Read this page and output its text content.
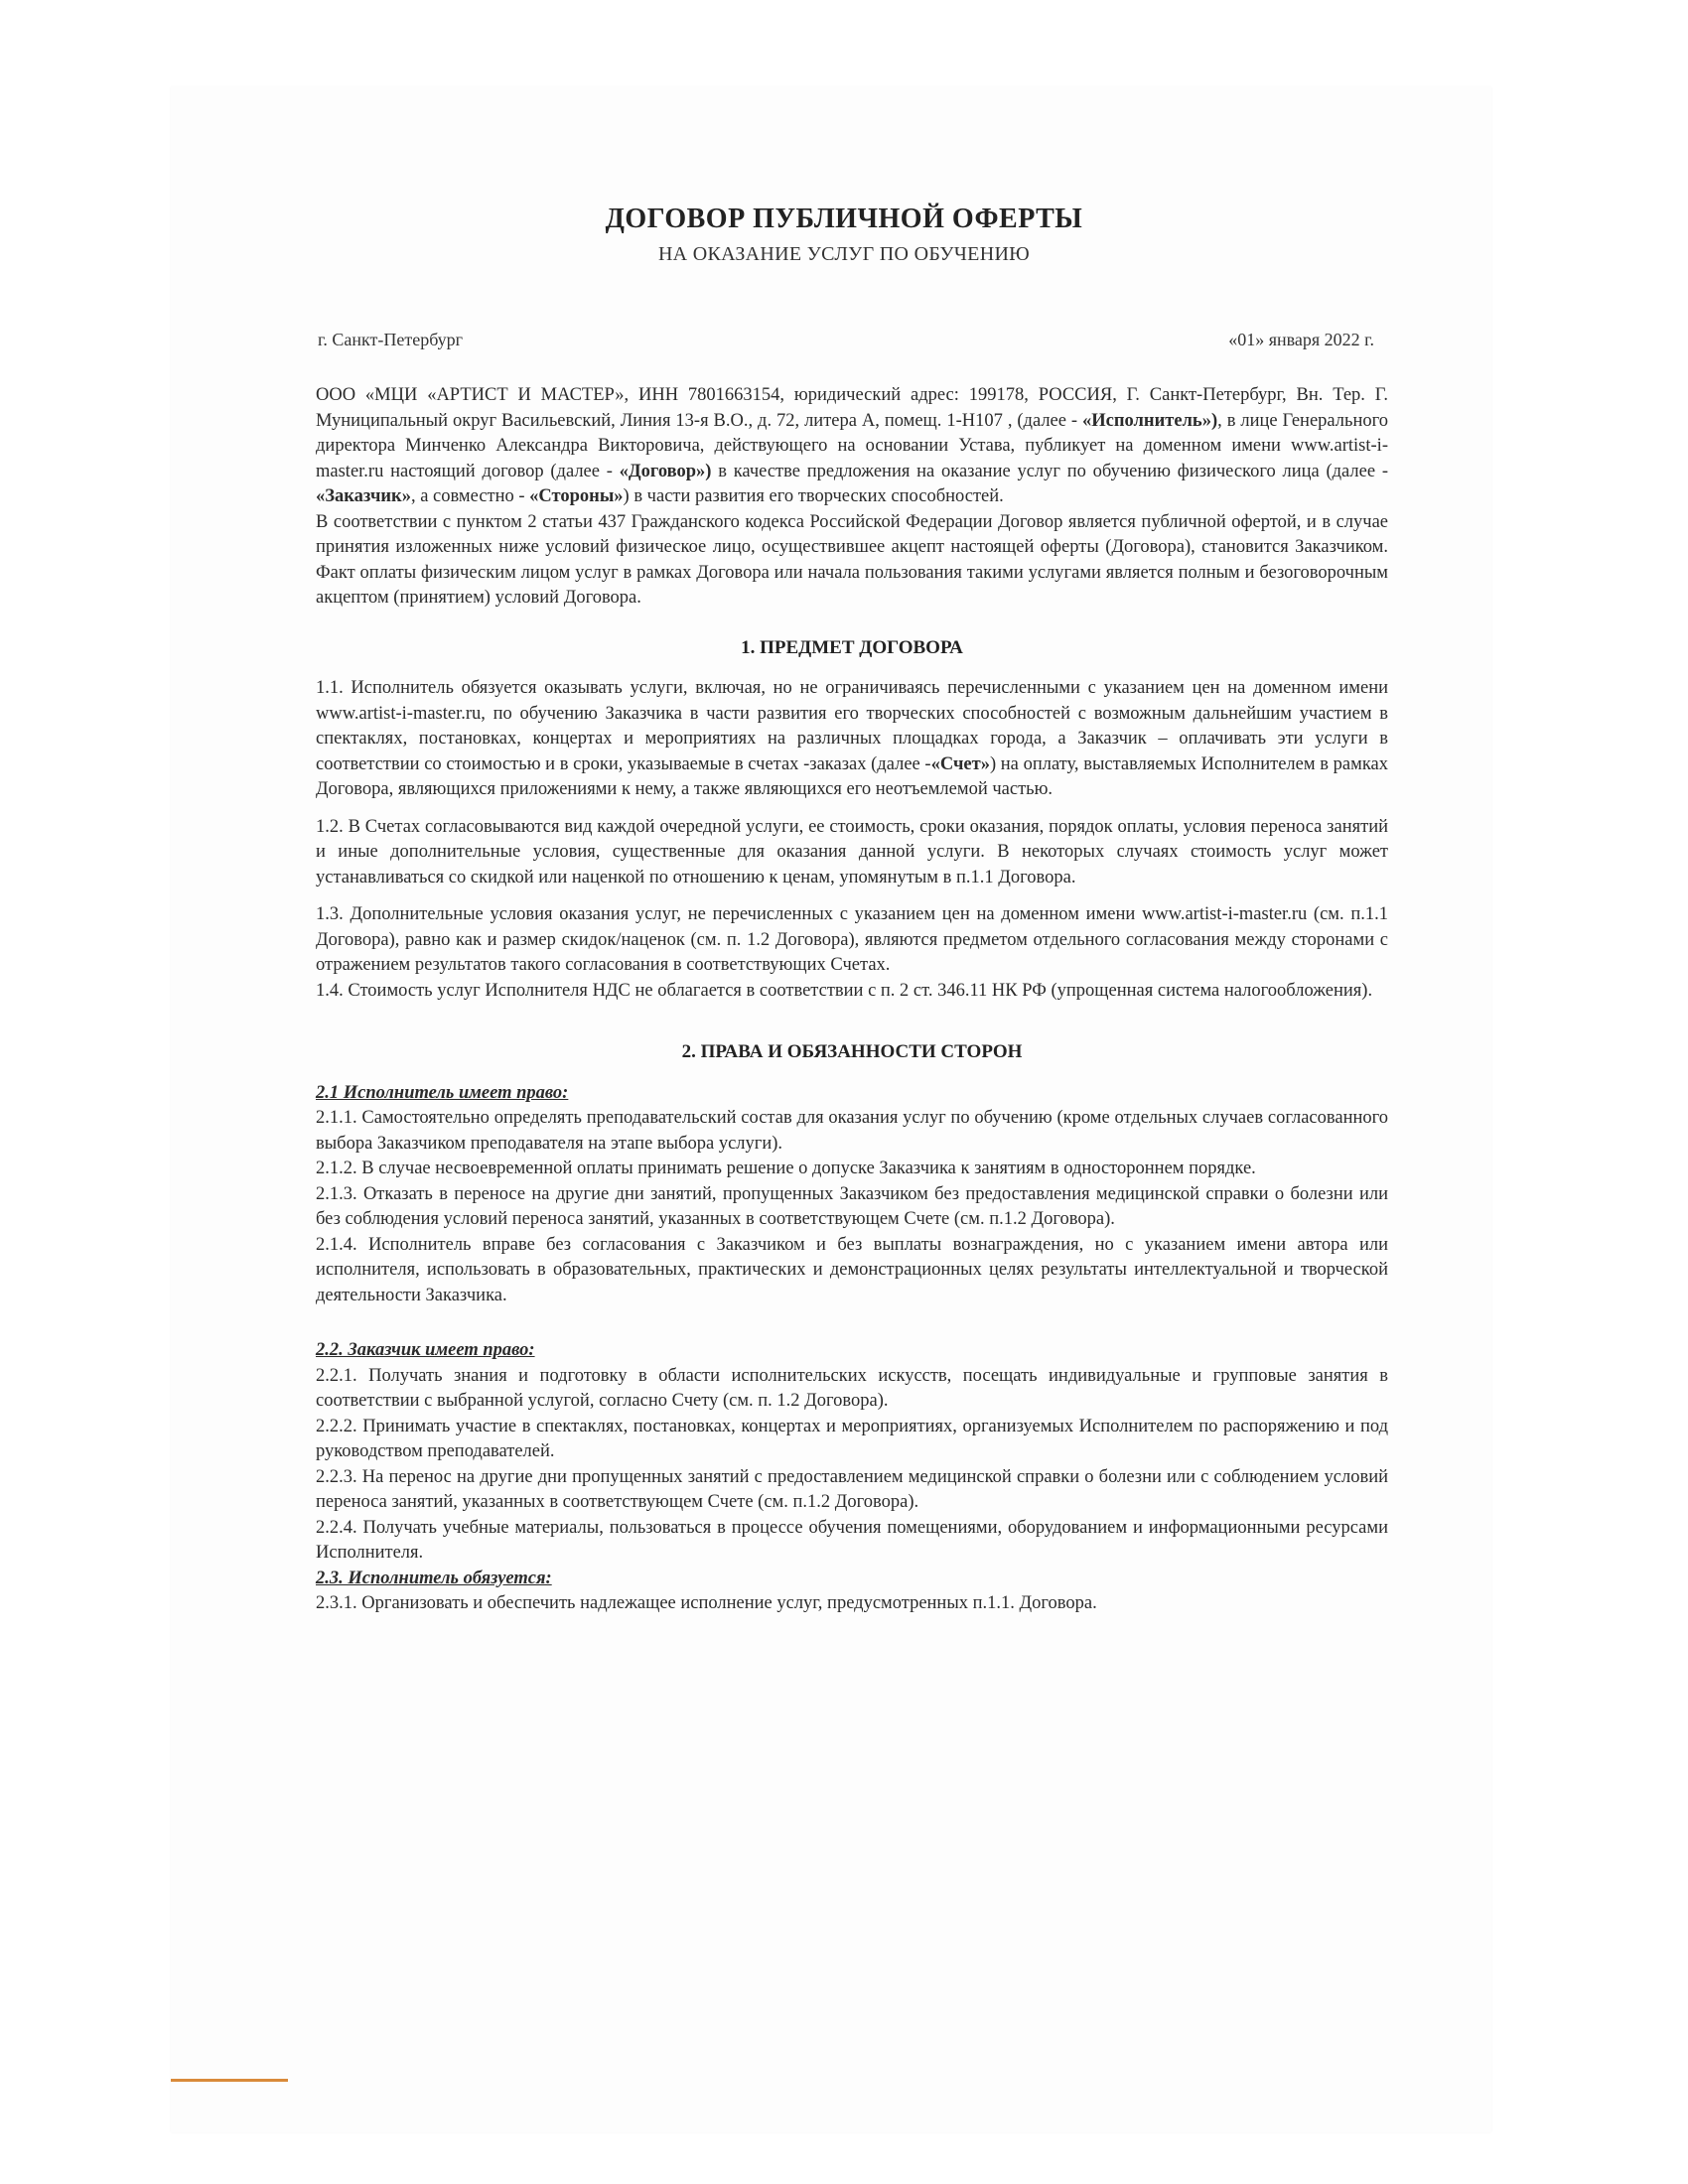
ДОГОВОР ПУБЛИЧНОЙ ОФЕРТЫ
НА ОКАЗАНИЕ УСЛУГ ПО ОБУЧЕНИЮ
г. Санкт-Петербург	«01» января 2022 г.

ООО «МЦИ «АРТИСТ И МАСТЕР», ИНН 7801663154, юридический адрес: 199178, РОССИЯ, Г. Санкт-Петербург, Вн. Тер. Г. Муниципальный округ Васильевский, Линия 13-я В.О., д. 72, литера А, помещ. 1-Н107 , (далее - «Исполнитель»), в лице Генерального директора Минченко Александра Викторовича, действующего на основании Устава, публикует на доменном имени www.artist-i-master.ru настоящий договор (далее - «Договор») в качестве предложения на оказание услуг по обучению физического лица (далее - «Заказчик», а совместно - «Стороны») в части развития его творческих способностей.

В соответствии с пунктом 2 статьи 437 Гражданского кодекса Российской Федерации Договор является публичной офертой, и в случае принятия изложенных ниже условий физическое лицо, осуществившее акцепт настоящей оферты (Договора), становится Заказчиком. Факт оплаты физическим лицом услуг в рамках Договора или начала пользования такими услугами является полным и безоговорочным акцептом (принятием) условий Договора.

1. ПРЕДМЕТ ДОГОВОРА

1.1. Исполнитель обязуется оказывать услуги, включая, но не ограничиваясь перечисленными с указанием цен на доменном имени www.artist-i-master.ru, по обучению Заказчика в части развития его творческих способностей с возможным дальнейшим участием в спектаклях, постановках, концертах и мероприятиях на различных площадках города, а Заказчик – оплачивать эти услуги в соответствии со стоимостью и в сроки, указываемые в счетах -заказах (далее -«Счет») на оплату, выставляемых Исполнителем в рамках Договора, являющихся приложениями к нему, а также являющихся его неотъемлемой частью.

1.2. В Счетах согласовываются вид каждой очередной услуги, ее стоимость, сроки оказания, порядок оплаты, условия переноса занятий и иные дополнительные условия, существенные для оказания данной услуги. В некоторых случаях стоимость услуг может устанавливаться со скидкой или наценкой по отношению к ценам, упомянутым в п.1.1 Договора.

1.3. Дополнительные условия оказания услуг, не перечисленных с указанием цен на доменном имени www.artist-i-master.ru (см. п.1.1 Договора), равно как и размер скидок/наценок (см. п. 1.2 Договора), являются предметом отдельного согласования между сторонами с отражением результатов такого согласования в соответствующих Счетах.

1.4. Стоимость услуг Исполнителя НДС не облагается в соответствии с п. 2 ст. 346.11 НК РФ (упрощенная система налогообложения).

2. ПРАВА И ОБЯЗАННОСТИ СТОРОН
2.1 Исполнитель имеет право:

2.1.1. Самостоятельно определять преподавательский состав для оказания услуг по обучению (кроме отдельных случаев согласованного выбора Заказчиком преподавателя на этапе выбора услуги).

2.1.2. В случае несвоевременной оплаты принимать решение о допуске Заказчика к занятиям в одностороннем порядке.

2.1.3. Отказать в переносе на другие дни занятий, пропущенных Заказчиком без предоставления медицинской справки о болезни или без соблюдения условий переноса занятий, указанных в соответствующем Счете (см. п.1.2 Договора).

2.1.4. Исполнитель вправе без согласования с Заказчиком и без выплаты вознаграждения, но с указанием имени автора или исполнителя, использовать в образовательных, практических и демонстрационных целях результаты интеллектуальной и творческой деятельности Заказчика.

2.2. Заказчик имеет право:

2.2.1. Получать знания и подготовку в области исполнительских искусств, посещать индивидуальные и групповые занятия в соответствии с выбранной услугой, согласно Счету (см. п. 1.2 Договора).

2.2.2. Принимать участие в спектаклях, постановках, концертах и мероприятиях, организуемых Исполнителем по распоряжению и под руководством преподавателей.

2.2.3. На перенос на другие дни пропущенных занятий с предоставлением медицинской справки о болезни или с соблюдением условий переноса занятий, указанных в соответствующем Счете (см. п.1.2 Договора).

2.2.4. Получать учебные материалы, пользоваться в процессе обучения помещениями, оборудованием и информационными ресурсами Исполнителя.

2.3. Исполнитель обязуется:

2.3.1. Организовать и обеспечить надлежащее исполнение услуг, предусмотренных п.1.1. Договора.
